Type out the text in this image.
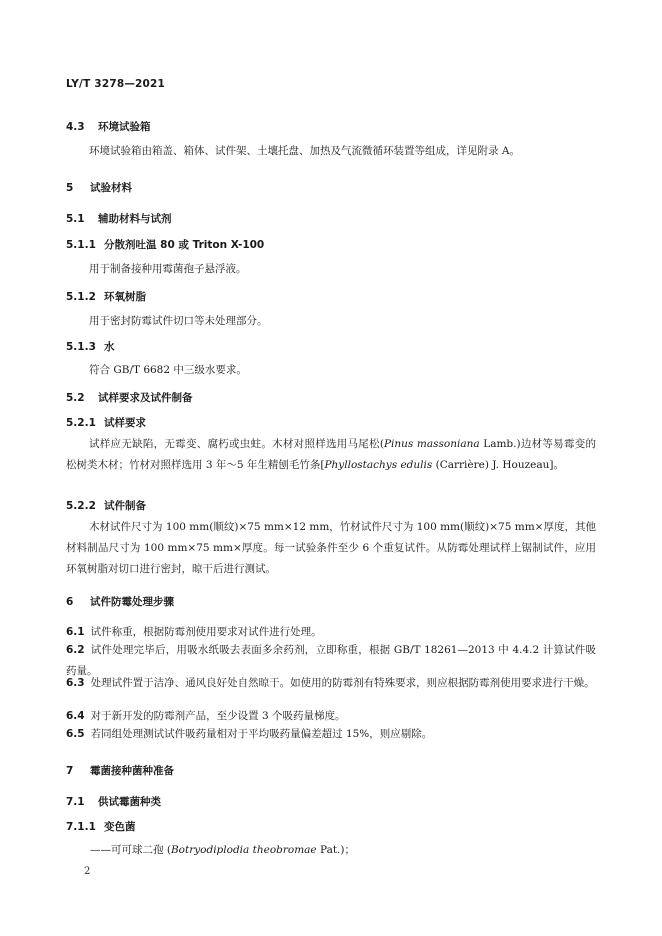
LY/T 3278—2021
4.3 环境试验箱
环境试验箱由箱盖、箱体、试件架、土壤托盘、加热及气流微循环装置等组成，详见附录 A。
5 试验材料
5.1 辅助材料与试剂
5.1.1 分散剂吐温 80 或 Triton X-100
用于制备接种用霉菌孢子悬浮液。
5.1.2 环氧树脂
用于密封防霉试件切口等未处理部分。
5.1.3 水
符合 GB/T 6682 中三级水要求。
5.2 试样要求及试件制备
5.2.1 试样要求
试样应无缺陷，无霉变、腐朽或虫蛀。木材对照样选用马尾松(Pinus massoniana Lamb.)边材等易霉变的松树类木材；竹材对照样选用 3 年～5 年生精刨毛竹条[Phyllostachys edulis (Carrière) J. Houzeau]。
5.2.2 试件制备
木材试件尺寸为 100 mm(顺纹)×75 mm×12 mm，竹材试件尺寸为 100 mm(顺纹)×75 mm×厚度，其他材料制品尺寸为 100 mm×75 mm×厚度。每一试验条件至少 6 个重复试件。从防霉处理试样上锯制试件，应用环氧树脂对切口进行密封，晾干后进行测试。
6 试件防霉处理步骤
6.1 试件称重，根据防霉剂使用要求对试件进行处理。
6.2 试件处理完毕后，用吸水纸吸去表面多余药剂，立即称重，根据 GB/T 18261—2013 中 4.4.2 计算试件吸药量。
6.3 处理试件置于洁净、通风良好处自然晾干。如使用的防霉剂有特殊要求，则应根据防霉剂使用要求进行干燥。
6.4 对于新开发的防霉剂产品，至少设置 3 个吸药量梯度。
6.5 若同组处理测试试件吸药量相对于平均吸药量偏差超过 15%，则应剔除。
7 霉菌接种菌种准备
7.1 供试霉菌种类
7.1.1 变色菌
——可可球二孢 (Botryodiplodia theobromae Pat.)；
2
